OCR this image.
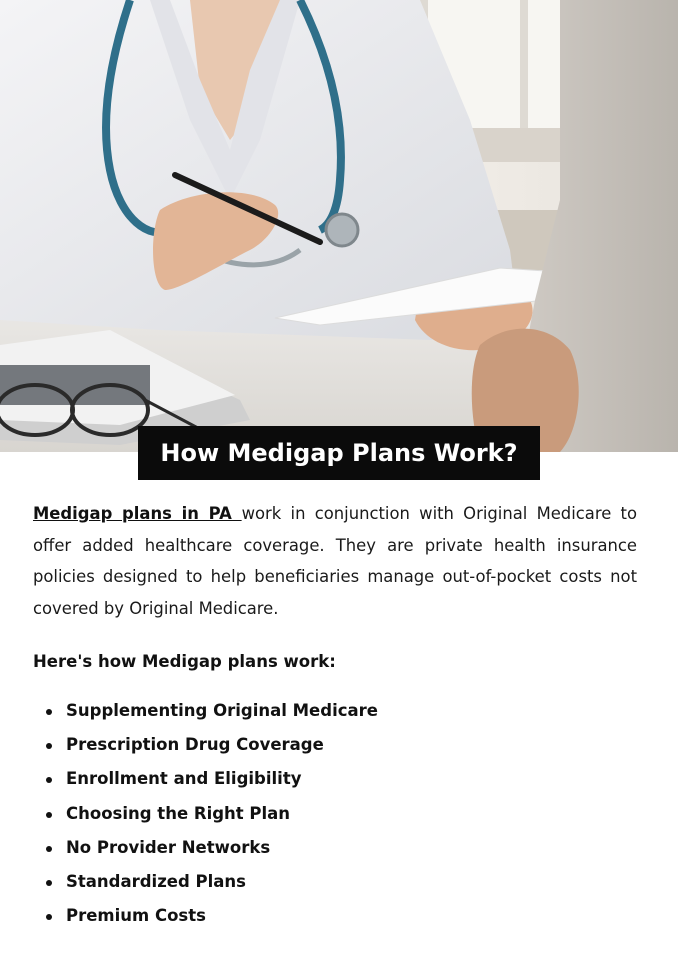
How Medigap Plans Work?

Medigap plans in PA work in conjunction with Original Medicare to offer added healthcare coverage. They are private health insurance policies designed to help beneficiaries manage out-of-pocket costs not covered by Original Medicare.

Here's how Medigap plans work:
Supplementing Original Medicare
Prescription Drug Coverage
Enrollment and Eligibility
Choosing the Right Plan
No Provider Networks
Standardized Plans
Premium Costs
